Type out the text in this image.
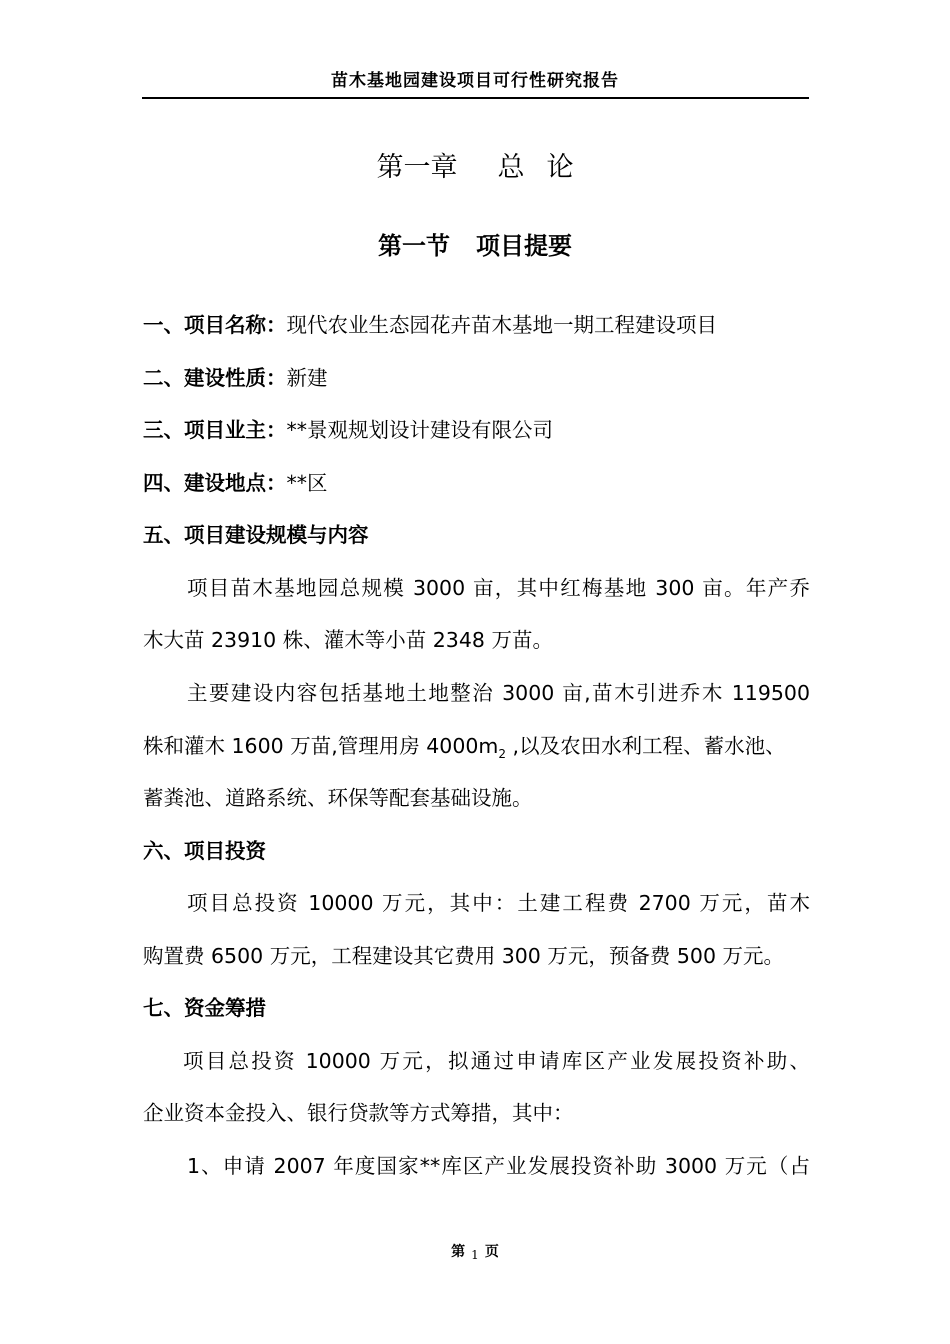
苗木基地园建设项目可行性研究报告
第一章 总 论
第一节 项目提要
一、项目名称：现代农业生态园花卉苗木基地一期工程建设项目
二、建设性质：新建
三、项目业主：**景观规划设计建设有限公司
四、建设地点：**区
五、项目建设规模与内容
项目苗木基地园总规模 3000 亩，其中红梅基地 300 亩。年产乔
木大苗 23910 株、灌木等小苗 2348 万苗。
主要建设内容包括基地土地整治 3000 亩,苗木引进乔木 119500
株和灌木 1600 万苗,管理用房 $4000m_2$ ,以及农田水利工程、蓄水池、
蓄粪池、道路系统、环保等配套基础设施。
六、项目投资
项目总投资 10000 万元，其中：土建工程费 2700 万元，苗木
购置费 6500 万元，工程建设其它费用 300 万元，预备费 500 万元。
七、资金筹措
项目总投资 10000 万元，拟通过申请库区产业发展投资补助、
企业资本金投入、银行贷款等方式筹措，其中：
1、申请 2007 年度国家**库区产业发展投资补助 3000 万元（占
第 1 页
